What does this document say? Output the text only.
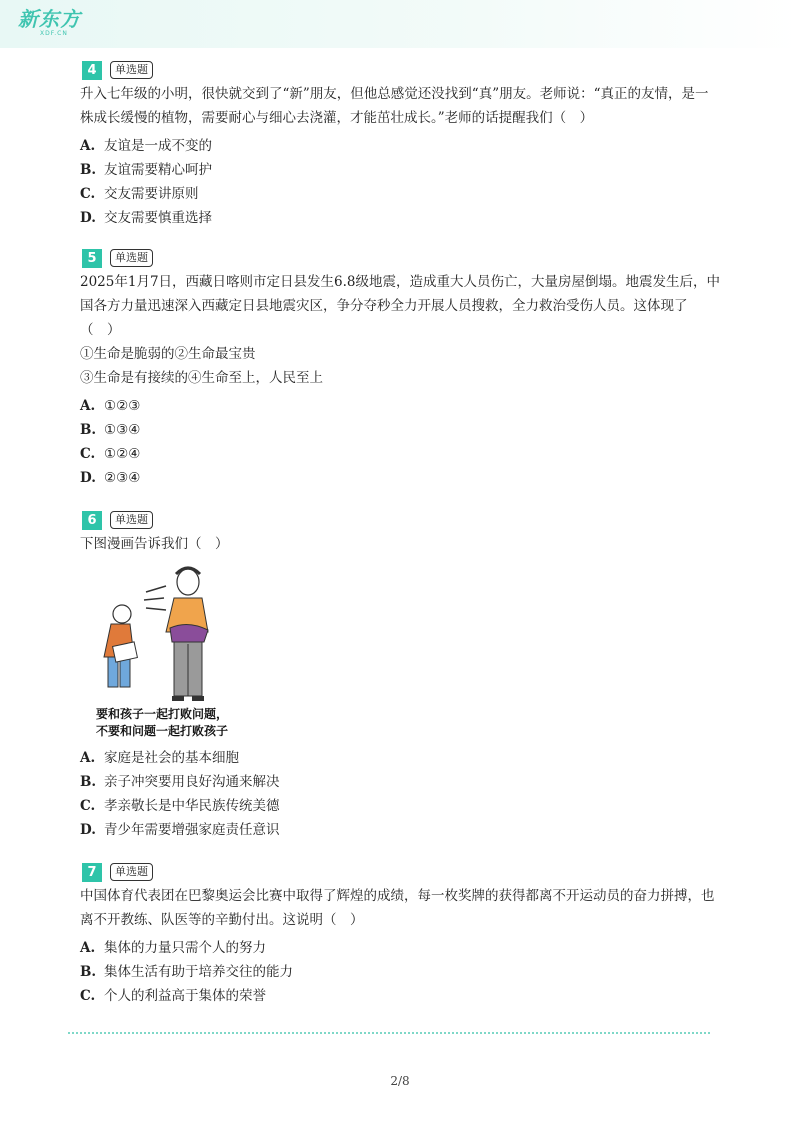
新东方
XDF.CN
4	单选题
升入七年级的小明，很快就交到了“新”朋友，但他总感觉还没找到“真”朋友。老师说：“真正的友情，是一株成长缓慢的植物，需要耐心与细心去浇灌，才能茁壮成长。”老师的话提醒我们（　）
A. 友谊是一成不变的
B. 友谊需要精心呵护
C. 交友需要讲原则
D. 交友需要慎重选择
5	单选题
2025年1月7日，西藏日喀则市定日县发生6.8级地震，造成重大人员伤亡，大量房屋倒塌。地震发生后，中国各方力量迅速深入西藏定日县地震灾区，争分夺秒全力开展人员搜救，全力救治受伤人员。这体现了（　）
①生命是脆弱的②生命最宝贵
③生命是有接续的④生命至上，人民至上
A. ①②③
B. ①③④
C. ①②④
D. ②③④
6	单选题
下图漫画告诉我们（　）
要和孩子一起打败问题，
不要和问题一起打败孩子
A. 家庭是社会的基本细胞
B. 亲子冲突要用良好沟通来解决
C. 孝亲敬长是中华民族传统美德
D. 青少年需要增强家庭责任意识
7	单选题
中国体育代表团在巴黎奥运会比赛中取得了辉煌的成绩，每一枚奖牌的获得都离不开运动员的奋力拼搏，也离不开教练、队医等的辛勤付出。这说明（　）
A. 集体的力量只需个人的努力
B. 集体生活有助于培养交往的能力
C. 个人的利益高于集体的荣誉
2/8
